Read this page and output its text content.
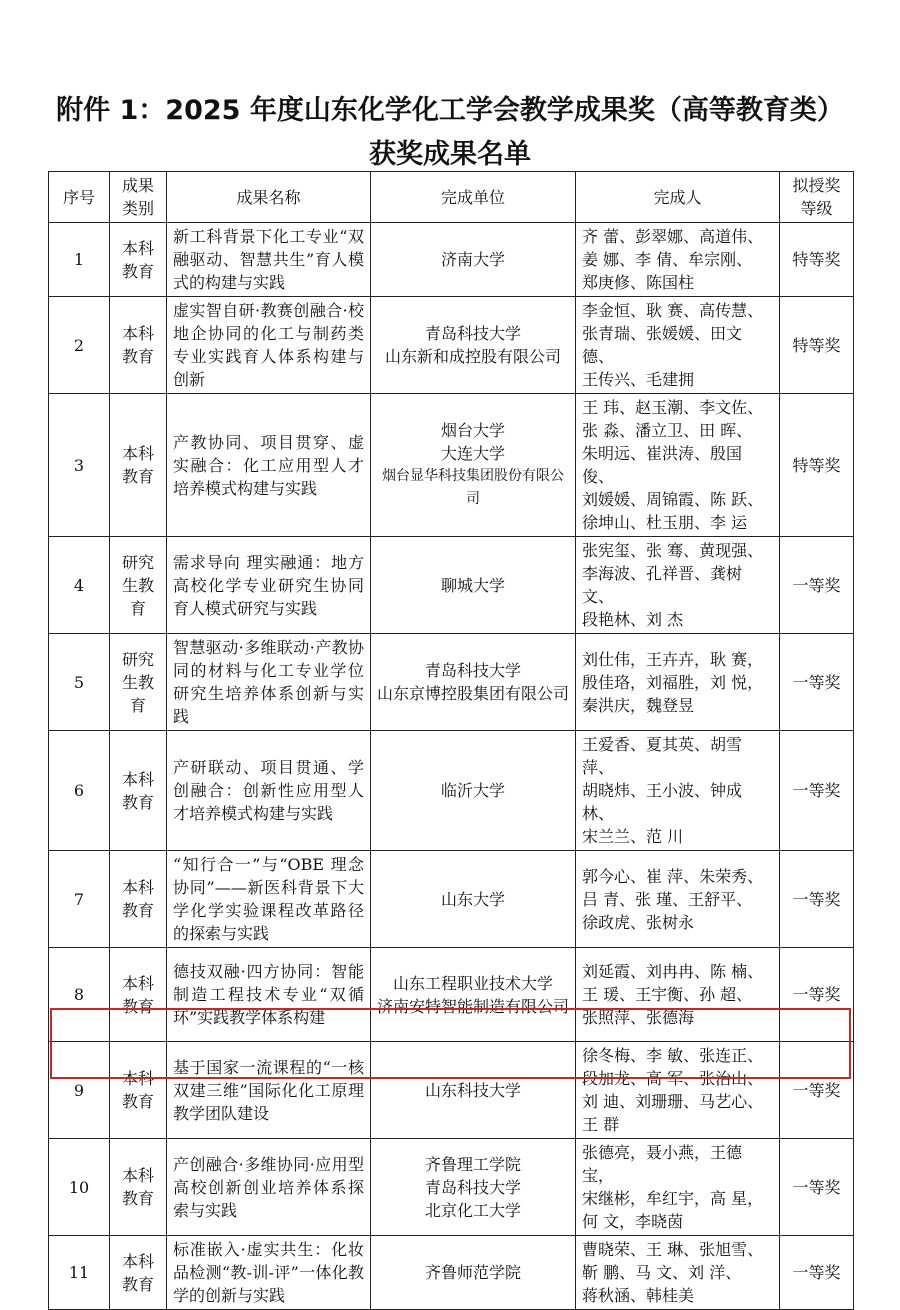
附件 1：2025 年度山东化学化工学会教学成果奖（高等教育类）
获奖成果名单
序号	成果类别	成果名称	完成单位	完成人	拟授奖等级
1	本科教育	新工科背景下化工专业“双融驱动、智慧共生”育人模式的构建与实践	济南大学	齐 蕾、彭翠娜、高道伟、
姜 娜、李 倩、牟宗刚、
郑庚修、陈国柱	特等奖
2	本科教育	虚实智自研·教赛创融合·校地企协同的化工与制药类专业实践育人体系构建与创新	青岛科技大学
山东新和成控股有限公司	李金恒、耿 赛、高传慧、
张青瑞、张媛媛、田文德、
王传兴、毛建拥	特等奖
3	本科教育	产教协同、项目贯穿、虚实融合：化工应用型人才培养模式构建与实践	烟台大学
大连大学
烟台显华科技集团股份有限公司	王 玮、赵玉潮、李文佐、
张 淼、潘立卫、田 晖、
朱明远、崔洪涛、殷国俊、
刘媛媛、周锦霞、陈 跃、
徐坤山、杜玉朋、李 运	特等奖
4	研究生教育	需求导向 理实融通：地方高校化学专业研究生协同育人模式研究与实践	聊城大学	张宪玺、张 骞、黄现强、
李海波、孔祥晋、龚树文、
段艳林、刘 杰	一等奖
5	研究生教育	智慧驱动·多维联动·产教协同的材料与化工专业学位研究生培养体系创新与实践	青岛科技大学
山东京博控股集团有限公司	刘仕伟，王卉卉，耿 赛，
殷佳珞，刘福胜，刘 悦，
秦洪庆，魏登昱	一等奖
6	本科教育	产研联动、项目贯通、学创融合：创新性应用型人才培养模式构建与实践	临沂大学	王爱香、夏其英、胡雪萍、
胡晓炜、王小波、钟成林、
宋兰兰、范 川	一等奖
7	本科教育	“知行合一”与“OBE 理念协同”——新医科背景下大学化学实验课程改革路径的探索与实践	山东大学	郭今心、崔 萍、朱荣秀、
吕 青、张 瑾、王舒平、
徐政虎、张树永	一等奖
8	本科教育	德技双融·四方协同：智能制造工程技术专业“双循环”实践教学体系构建	山东工程职业技术大学
济南安特智能制造有限公司	刘延霞、刘冉冉、陈 楠、
王 瑗、王宇衡、孙 超、
张照萍、张德海	一等奖
9	本科教育	基于国家一流课程的“一核双建三维”国际化化工原理教学团队建设	山东科技大学	徐冬梅、李 敏、张连正、
段加龙、高 军、张治山、
刘 迪、刘珊珊、马艺心、
王 群	一等奖
10	本科教育	产创融合·多维协同·应用型高校创新创业培养体系探索与实践	齐鲁理工学院
青岛科技大学
北京化工大学	张德亮，聂小燕，王德宝，
宋继彬，牟红宇，高 星，
何 文，李晓茵	一等奖
11	本科教育	标准嵌入·虚实共生：化妆品检测“教-训-评”一体化教学的创新与实践	齐鲁师范学院	曹晓荣、王 琳、张旭雪、
靳 鹏、马 文、刘 洋、
蒋秋涵、韩桂美	一等奖
